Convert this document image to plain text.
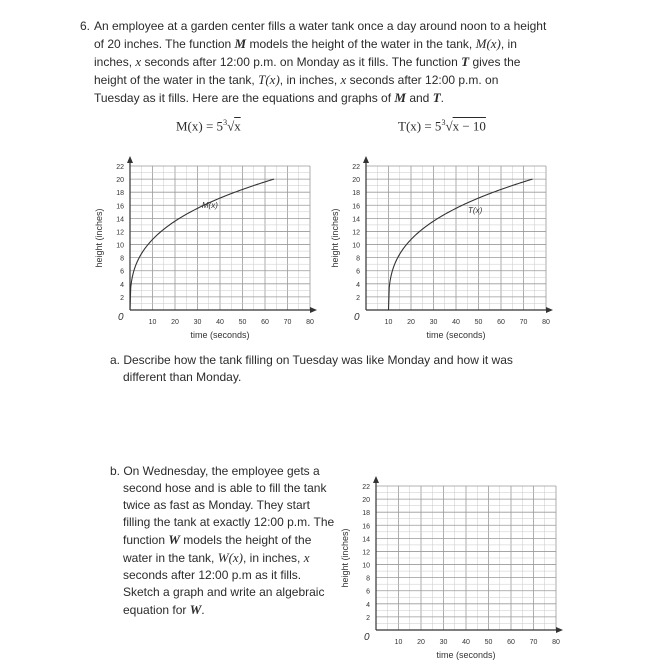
6. An employee at a garden center fills a water tank once a day around noon to a height
of 20 inches. The function M models the height of the water in the tank, M(x), in
inches, x seconds after 12:00 p.m. on Monday as it fills. The function T gives the
height of the water in the tank, T(x), in inches, x seconds after 12:00 p.m. on
Tuesday as it fills. Here are the equations and graphs of M and T.
$M(x) = 5^3√x$	$T(x) = 5^3√x - 10$
2
4
6
8
10
12
14
16
18
20
22
10 20 30 40 50 60 70 80
0
time (seconds)
height (inches)
M(x)
2
4
6
8
10
12
14
16
18
20
22
10 20 30 40 50 60 70 80
0
time (seconds)
height (inches)	T(x)
a. Describe how the tank filling on Tuesday was like Monday and how it was
different than Monday.
b. On Wednesday, the employee gets a
second hose and is able to fill the tank
twice as fast as Monday. They start
filling the tank at exactly 12:00 p.m. The
function W models the height of the
water in the tank, W(x), in inches, x
seconds after 12:00 p.m as it fills.
Sketch a graph and write an algebraic
equation for W.
2
4
6
8
10
12
14
16
18
20
22
10 20 30 40 50 60 70 80
0
time (seconds)
height (inches)
